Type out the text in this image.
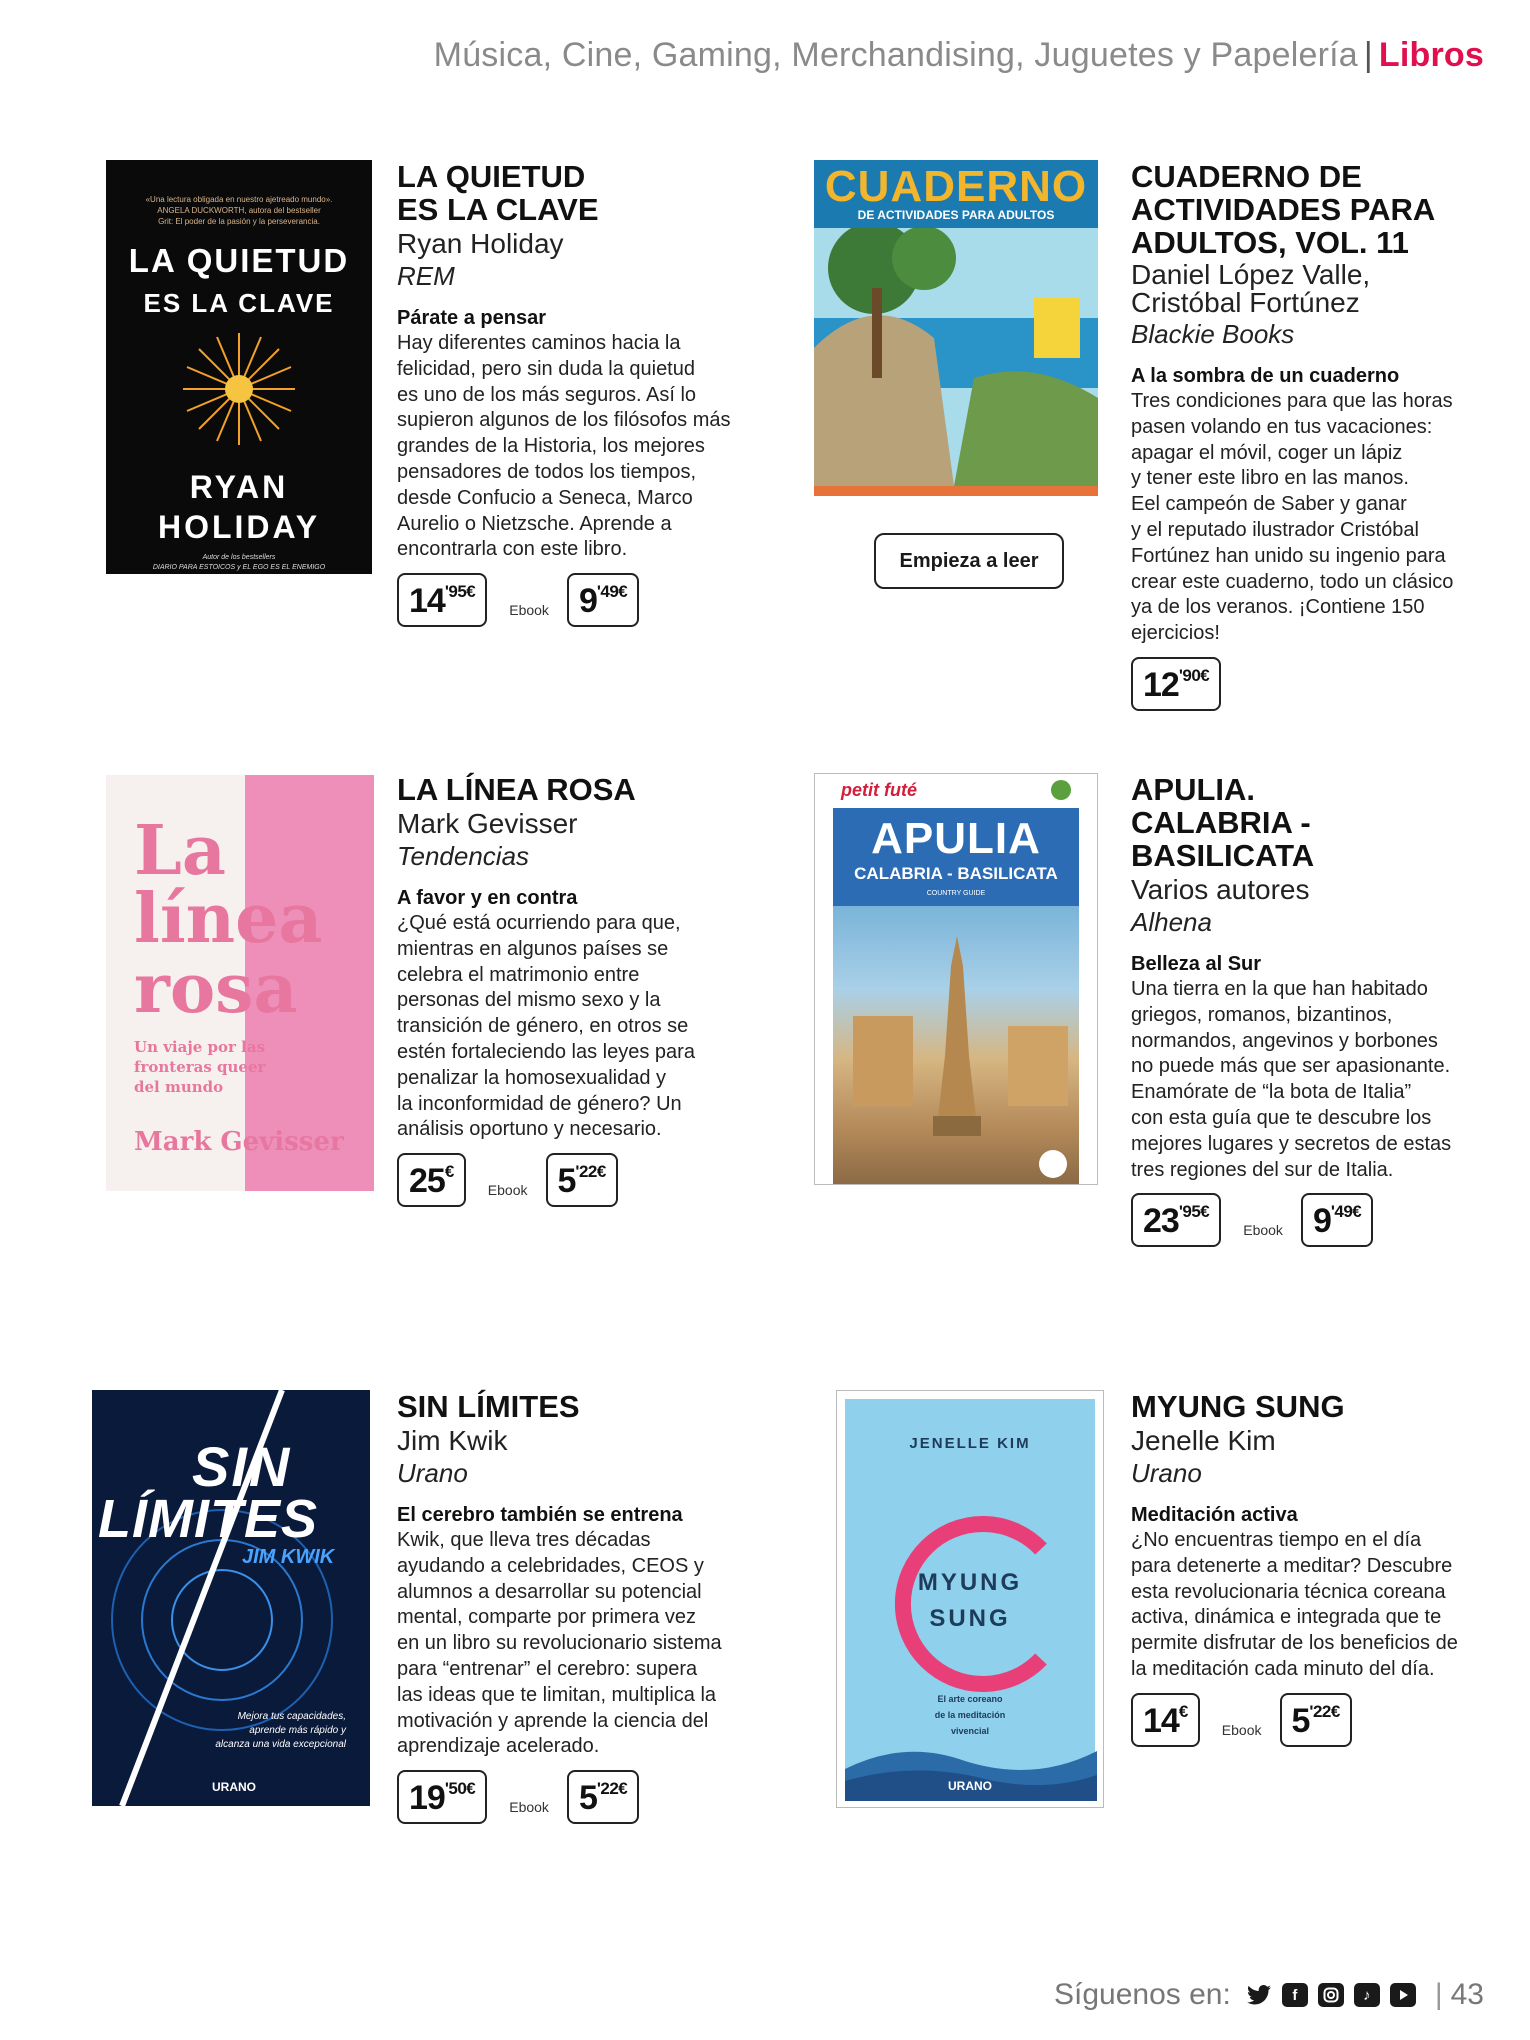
Música, Cine, Gaming, Merchandising, Juguetes y Papelería | Libros
«Una lectura obligada en nuestro ajetreado mundo».
ANGELA DUCKWORTH, autora del bestseller
Grit: El poder de la pasión y la perseverancia.
LA QUIETUD
ES LA CLAVE
RYAN
HOLIDAY
Autor de los bestsellers
DIARIO PARA ESTOICOS y EL EGO ES EL ENEMIGO
LA QUIETUD
ES LA CLAVE
Ryan Holiday
REM
Párate a pensar
Hay diferentes caminos hacia la
felicidad, pero sin duda la quietud
es uno de los más seguros. Así lo
supieron algunos de los filósofos más
grandes de la Historia, los mejores
pensadores de todos los tiempos,
desde Confucio a Seneca, Marco
Aurelio o Nietzsche. Aprende a
encontrarla con este libro.
14 '95€
Ebook 9 '49€
CUADERNO
DE ACTIVIDADES PARA ADULTOS
Empieza a leer
CUADERNO DE
ACTIVIDADES PARA
ADULTOS, VOL. 11
Daniel López Valle,
Cristóbal Fortúnez
Blackie Books
A la sombra de un cuaderno
Tres condiciones para que las horas
pasen volando en tus vacaciones:
apagar el móvil, coger un lápiz
y tener este libro en las manos.
Eel campeón de Saber y ganar
y el reputado ilustrador Cristóbal
Fortúnez han unido su ingenio para
crear este cuaderno, todo un clásico
ya de los veranos. ¡Contiene 150
ejercicios!
12 '90€
La
línea
rosa
Un viaje por las
fronteras queer
del mundo
Mark Gevisser
LA LÍNEA ROSA
Mark Gevisser
Tendencias
A favor y en contra
¿Qué está ocurriendo para que,
mientras en algunos países se
celebra el matrimonio entre
personas del mismo sexo y la
transición de género, en otros se
estén fortaleciendo las leyes para
penalizar la homosexualidad y
la inconformidad de género? Un
análisis oportuno y necesario.
25 €
Ebook 5 '22€
petit futé
APULIA
CALABRIA - BASILICATA
COUNTRY GUIDE
APULIA.
CALABRIA -
BASILICATA
Varios autores
Alhena
Belleza al Sur
Una tierra en la que han habitado
griegos, romanos, bizantinos,
normandos, angevinos y borbones
no puede más que ser apasionante.
Enamórate de “la bota de Italia”
con esta guía que te descubre los
mejores lugares y secretos de estas
tres regiones del sur de Italia.
23 '95€
Ebook 9 '49€
SIN
LÍMITES
JIM KWIK
Mejora tus capacidades,
aprende más rápido y
alcanza una vida excepcional
URANO
SIN LÍMITES
Jim Kwik
Urano
El cerebro también se entrena
Kwik, que lleva tres décadas
ayudando a celebridades, CEOS y
alumnos a desarrollar su potencial
mental, comparte por primera vez
en un libro su revolucionario sistema
para “entrenar” el cerebro: supera
las ideas que te limitan, multiplica la
motivación y aprende la ciencia del
aprendizaje acelerado.
19 '50€
Ebook 5 '22€
JENELLE KIM
MYUNG
SUNG
El arte coreano
de la meditación
vivencial
URANO
MYUNG SUNG
Jenelle Kim
Urano
Meditación activa
¿No encuentras tiempo en el día
para detenerte a meditar? Descubre
esta revolucionaria técnica coreana
activa, dinámica e integrada que te
permite disfrutar de los beneficios de
la meditación cada minuto del día.
14 €
Ebook 5 '22€
Síguenos en:	f	♪	| 43
